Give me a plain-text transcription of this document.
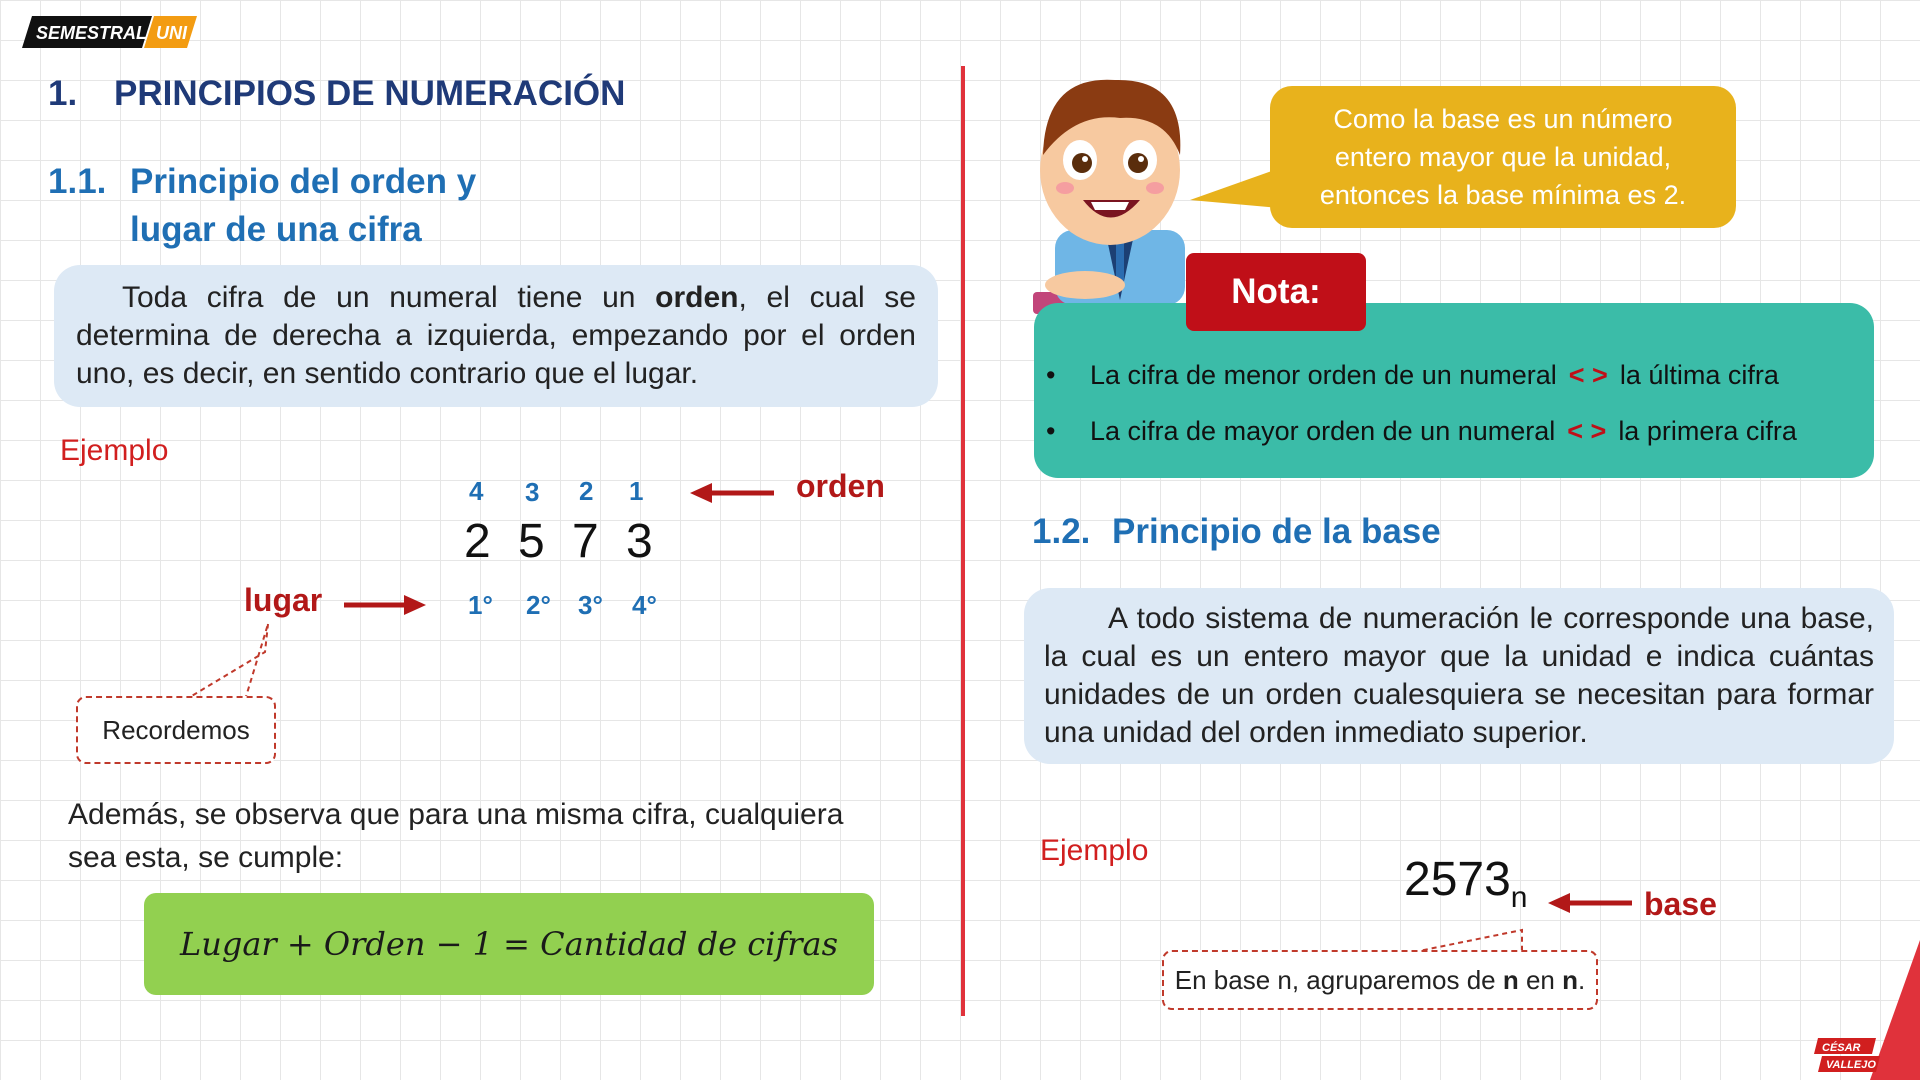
SEMESTRAL UNI
1. PRINCIPIOS DE NUMERACIÓN
1.1. Principio del orden y
lugar de una cifra
Toda cifra de un numeral tiene un orden, el cual se determina de derecha a izquierda, empezando por el orden uno, es decir, en sentido contrario que el lugar.
Ejemplo
4 3 2 1
2 5 7 3
orden
lugar	1° 2° 3° 4°
Recordemos
Además, se observa que para una misma cifra, cualquiera
sea esta, se cumple:
Lugar + Orden − 1 = Cantidad de cifras
Como la base es un número
entero mayor que la unidad,
entonces la base mínima es 2.
Nota:
• La cifra de menor orden de un numeral < > la última cifra
• La cifra de mayor orden de un numeral < > la primera cifra
1.2. Principio de la base
A todo sistema de numeración le corresponde una base, la cual es un entero mayor que la unidad e indica cuántas unidades de un orden cualesquiera se necesitan para formar una unidad del orden inmediato superior.
Ejemplo
$2573_n$	base
En base n, agruparemos de n en n.
CÉSAR
VALLEJO
